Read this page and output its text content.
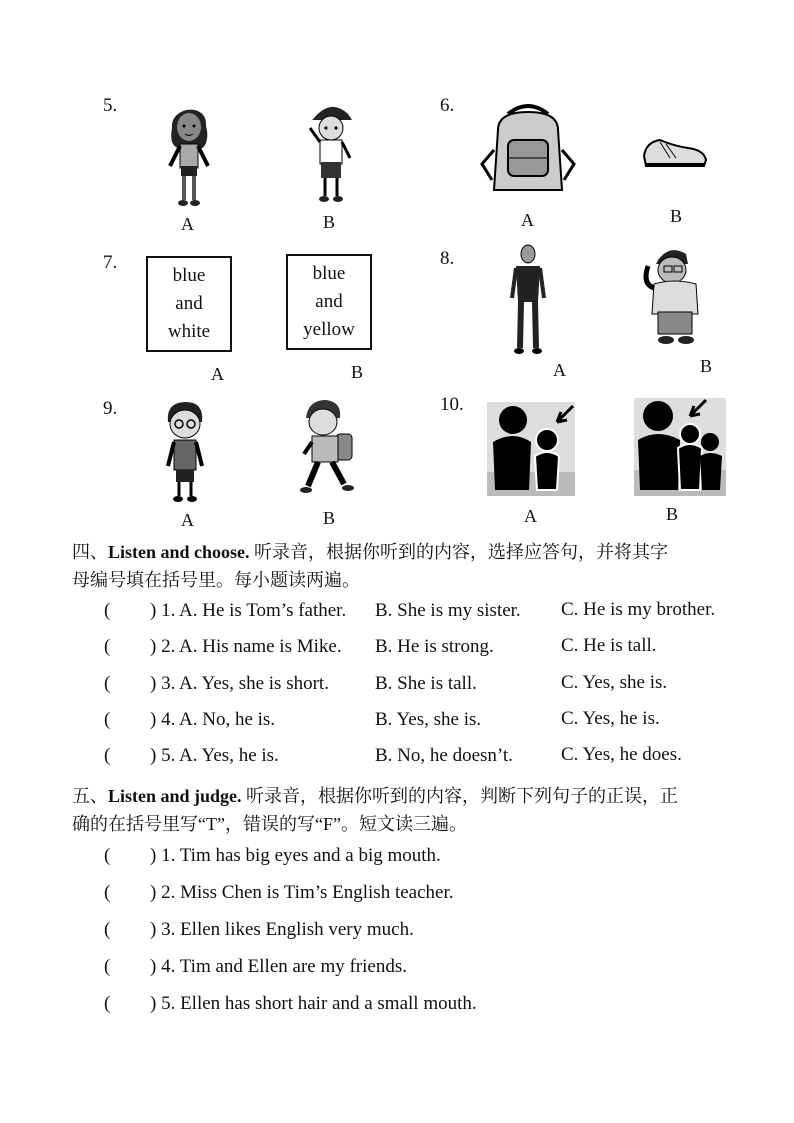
5.	6.
7.	8.
9.	10.
A	B	A	B
blue
and
white
A
blue
and
yellow
B	A	B
A	B	A	B
四、Listen and choose. 听录音，根据你听到的内容，选择应答句，并将其字
母编号填在括号里。每小题读两遍。
( ) 1. A. He is Tom’s father. B. She is my sister. C. He is my brother.
( ) 2. A. His name is Mike. B. He is strong.	C. He is tall.
( ) 3. A. Yes, she is short. B. She is tall.	C. Yes, she is.
( ) 4. A. No, he is.	B. Yes, she is.	C. Yes, he is.
( ) 5. A. Yes, he is.	B. No, he doesn’t.	C. Yes, he does.
五、Listen and judge. 听录音，根据你听到的内容，判断下列句子的正误，正
确的在括号里写“T”，错误的写“F”。短文读三遍。
( ) 1. Tim has big eyes and a big mouth.
( ) 2. Miss Chen is Tim’s English teacher.
( ) 3. Ellen likes English very much.
( ) 4. Tim and Ellen are my friends.
( ) 5. Ellen has short hair and a small mouth.
